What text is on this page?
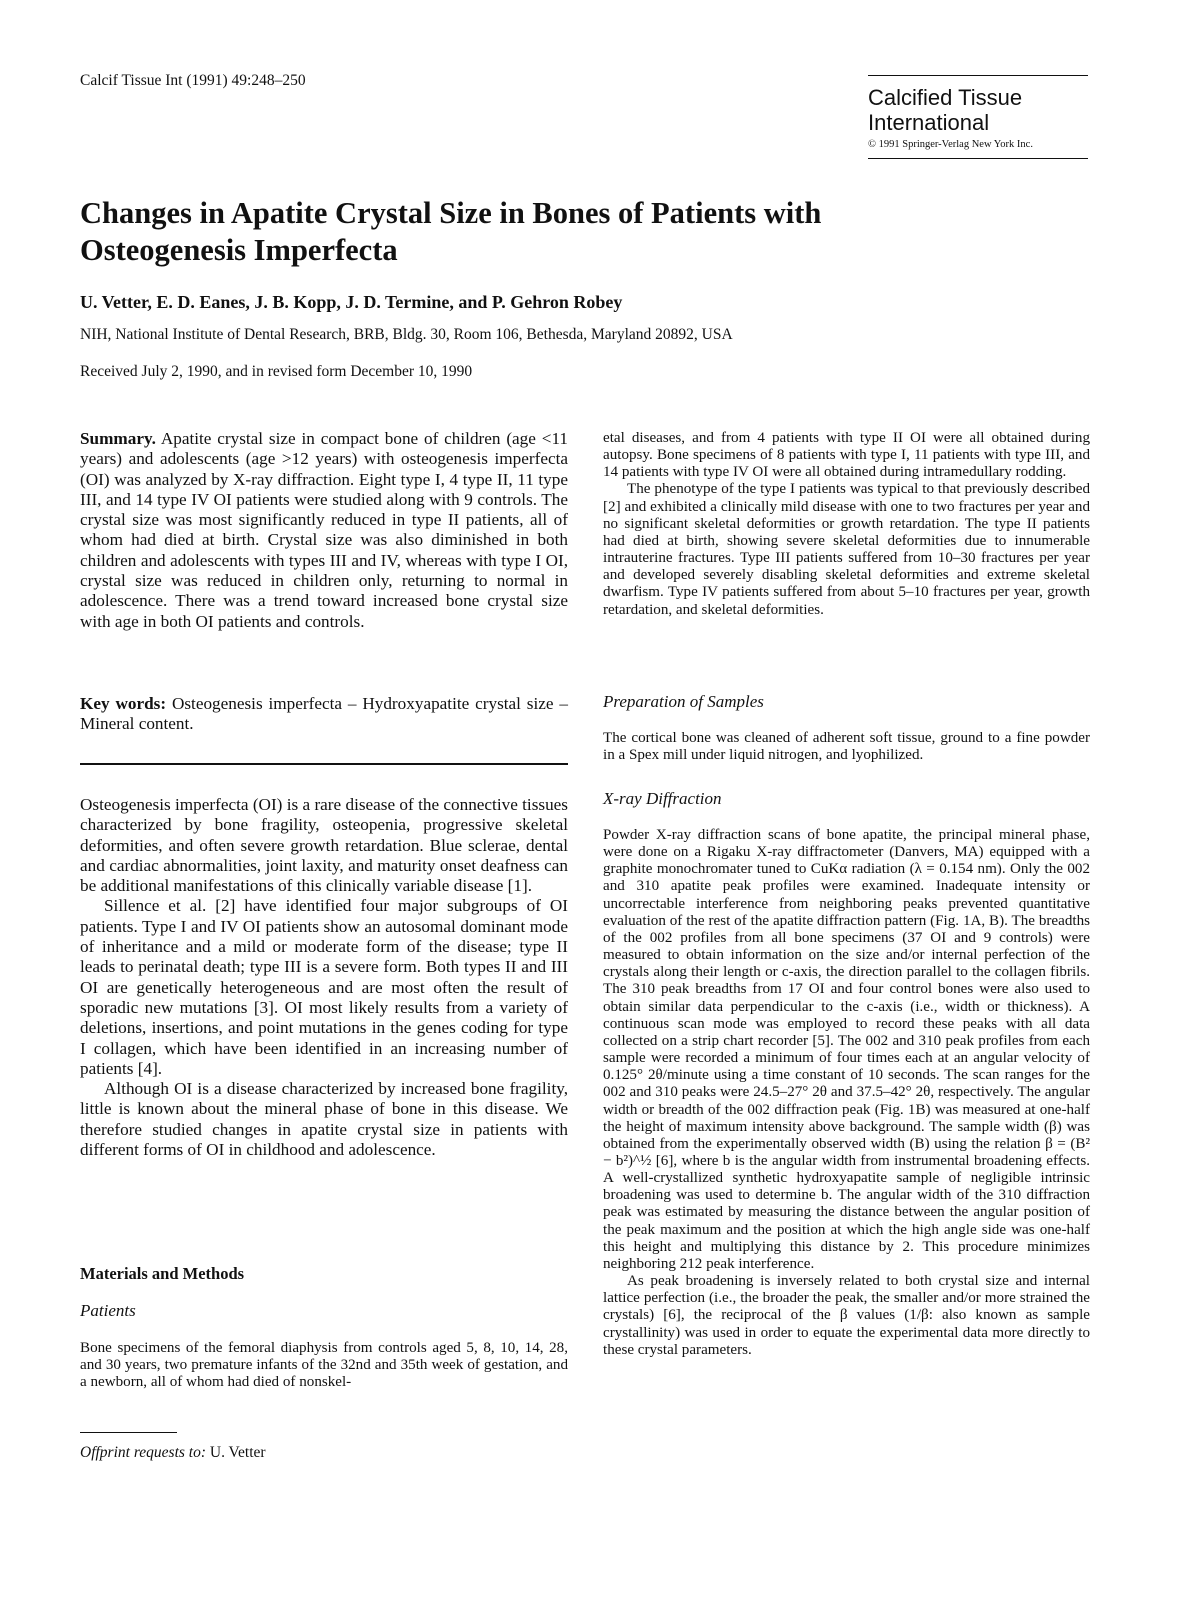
Calcif Tissue Int (1991) 49:248–250
Calcified Tissue International
© 1991 Springer-Verlag New York Inc.
Changes in Apatite Crystal Size in Bones of Patients with Osteogenesis Imperfecta
U. Vetter, E. D. Eanes, J. B. Kopp, J. D. Termine, and P. Gehron Robey
NIH, National Institute of Dental Research, BRB, Bldg. 30, Room 106, Bethesda, Maryland 20892, USA
Received July 2, 1990, and in revised form December 10, 1990

Summary. Apatite crystal size in compact bone of children (age <11 years) and adolescents (age >12 years) with osteogenesis imperfecta (OI) was analyzed by X-ray diffraction. Eight type I, 4 type II, 11 type III, and 14 type IV OI patients were studied along with 9 controls. The crystal size was most significantly reduced in type II patients, all of whom had died at birth. Crystal size was also diminished in both children and adolescents with types III and IV, whereas with type I OI, crystal size was reduced in children only, returning to normal in adolescence. There was a trend toward increased bone crystal size with age in both OI patients and controls.

Key words: Osteogenesis imperfecta – Hydroxyapatite crystal size – Mineral content.

Osteogenesis imperfecta (OI) is a rare disease of the connective tissues characterized by bone fragility, osteopenia, progressive skeletal deformities, and often severe growth retardation. Blue sclerae, dental and cardiac abnormalities, joint laxity, and maturity onset deafness can be additional manifestations of this clinically variable disease [1].

Sillence et al. [2] have identified four major subgroups of OI patients. Type I and IV OI patients show an autosomal dominant mode of inheritance and a mild or moderate form of the disease; type II leads to perinatal death; type III is a severe form. Both types II and III OI are genetically heterogeneous and are most often the result of sporadic new mutations [3]. OI most likely results from a variety of deletions, insertions, and point mutations in the genes coding for type I collagen, which have been identified in an increasing number of patients [4].

Although OI is a disease characterized by increased bone fragility, little is known about the mineral phase of bone in this disease. We therefore studied changes in apatite crystal size in patients with different forms of OI in childhood and adolescence.

Materials and Methods
Patients

Bone specimens of the femoral diaphysis from controls aged 5, 8, 10, 14, 28, and 30 years, two premature infants of the 32nd and 35th week of gestation, and a newborn, all of whom had died of nonskel-

Offprint requests to: U. Vetter

etal diseases, and from 4 patients with type II OI were all obtained during autopsy. Bone specimens of 8 patients with type I, 11 patients with type III, and 14 patients with type IV OI were all obtained during intramedullary rodding.

The phenotype of the type I patients was typical to that previously described [2] and exhibited a clinically mild disease with one to two fractures per year and no significant skeletal deformities or growth retardation. The type II patients had died at birth, showing severe skeletal deformities due to innumerable intrauterine fractures. Type III patients suffered from 10–30 fractures per year and developed severely disabling skeletal deformities and extreme skeletal dwarfism. Type IV patients suffered from about 5–10 fractures per year, growth retardation, and skeletal deformities.

Preparation of Samples

The cortical bone was cleaned of adherent soft tissue, ground to a fine powder in a Spex mill under liquid nitrogen, and lyophilized.

X-ray Diffraction

Powder X-ray diffraction scans of bone apatite, the principal mineral phase, were done on a Rigaku X-ray diffractometer (Danvers, MA) equipped with a graphite monochromater tuned to CuKα radiation (λ = 0.154 nm). Only the 002 and 310 apatite peak profiles were examined. Inadequate intensity or uncorrectable interference from neighboring peaks prevented quantitative evaluation of the rest of the apatite diffraction pattern (Fig. 1A, B). The breadths of the 002 profiles from all bone specimens (37 OI and 9 controls) were measured to obtain information on the size and/or internal perfection of the crystals along their length or c-axis, the direction parallel to the collagen fibrils. The 310 peak breadths from 17 OI and four control bones were also used to obtain similar data perpendicular to the c-axis (i.e., width or thickness). A continuous scan mode was employed to record these peaks with all data collected on a strip chart recorder [5]. The 002 and 310 peak profiles from each sample were recorded a minimum of four times each at an angular velocity of 0.125° 2θ/minute using a time constant of 10 seconds. The scan ranges for the 002 and 310 peaks were 24.5–27° 2θ and 37.5–42° 2θ, respectively. The angular width or breadth of the 002 diffraction peak (Fig. 1B) was measured at one-half the height of maximum intensity above background. The sample width (β) was obtained from the experimentally observed width (B) using the relation β = (B² − b²)^½ [6], where b is the angular width from instrumental broadening effects. A well-crystallized synthetic hydroxyapatite sample of negligible intrinsic broadening was used to determine b. The angular width of the 310 diffraction peak was estimated by measuring the distance between the angular position of the peak maximum and the position at which the high angle side was one-half this height and multiplying this distance by 2. This procedure minimizes neighboring 212 peak interference.

As peak broadening is inversely related to both crystal size and internal lattice perfection (i.e., the broader the peak, the smaller and/or more strained the crystals) [6], the reciprocal of the β values (1/β: also known as sample crystallinity) was used in order to equate the experimental data more directly to these crystal parameters.
